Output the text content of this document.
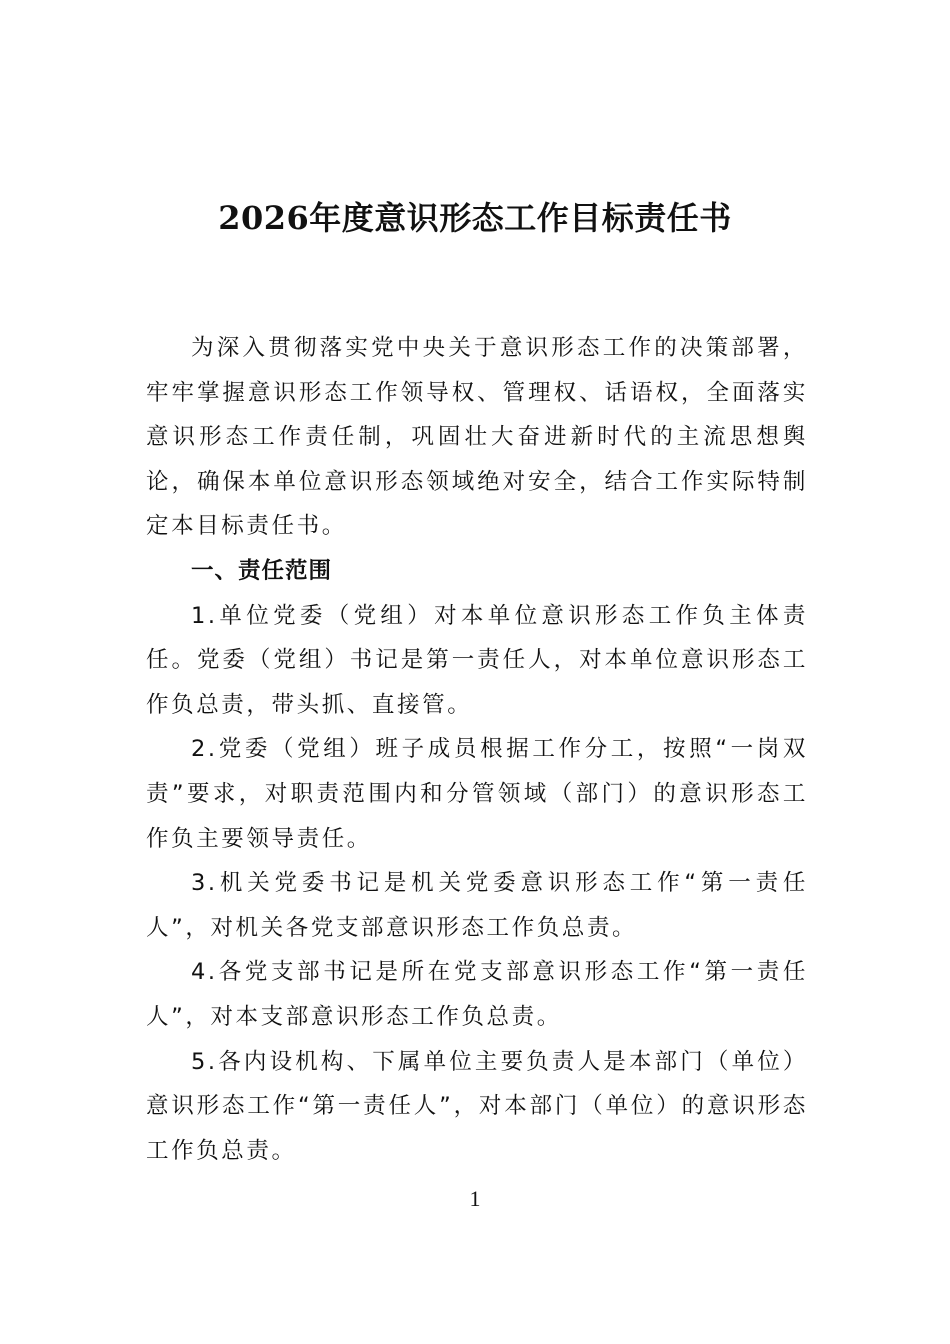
2026年度意识形态工作目标责任书

为深入贯彻落实党中央关于意识形态工作的决策部署，牢牢掌握意识形态工作领导权、管理权、话语权，全面落实意识形态工作责任制，巩固壮大奋进新时代的主流思想舆论，确保本单位意识形态领域绝对安全，结合工作实际特制定本目标责任书。

一、责任范围

1.单位党委（党组）对本单位意识形态工作负主体责任。党委（党组）书记是第一责任人，对本单位意识形态工作负总责，带头抓、直接管。

2.党委（党组）班子成员根据工作分工，按照“一岗双责”要求，对职责范围内和分管领域（部门）的意识形态工作负主要领导责任。

3.机关党委书记是机关党委意识形态工作“第一责任人”，对机关各党支部意识形态工作负总责。

4.各党支部书记是所在党支部意识形态工作“第一责任人”，对本支部意识形态工作负总责。

5.各内设机构、下属单位主要负责人是本部门（单位）意识形态工作“第一责任人”，对本部门（单位）的意识形态工作负总责。

1
